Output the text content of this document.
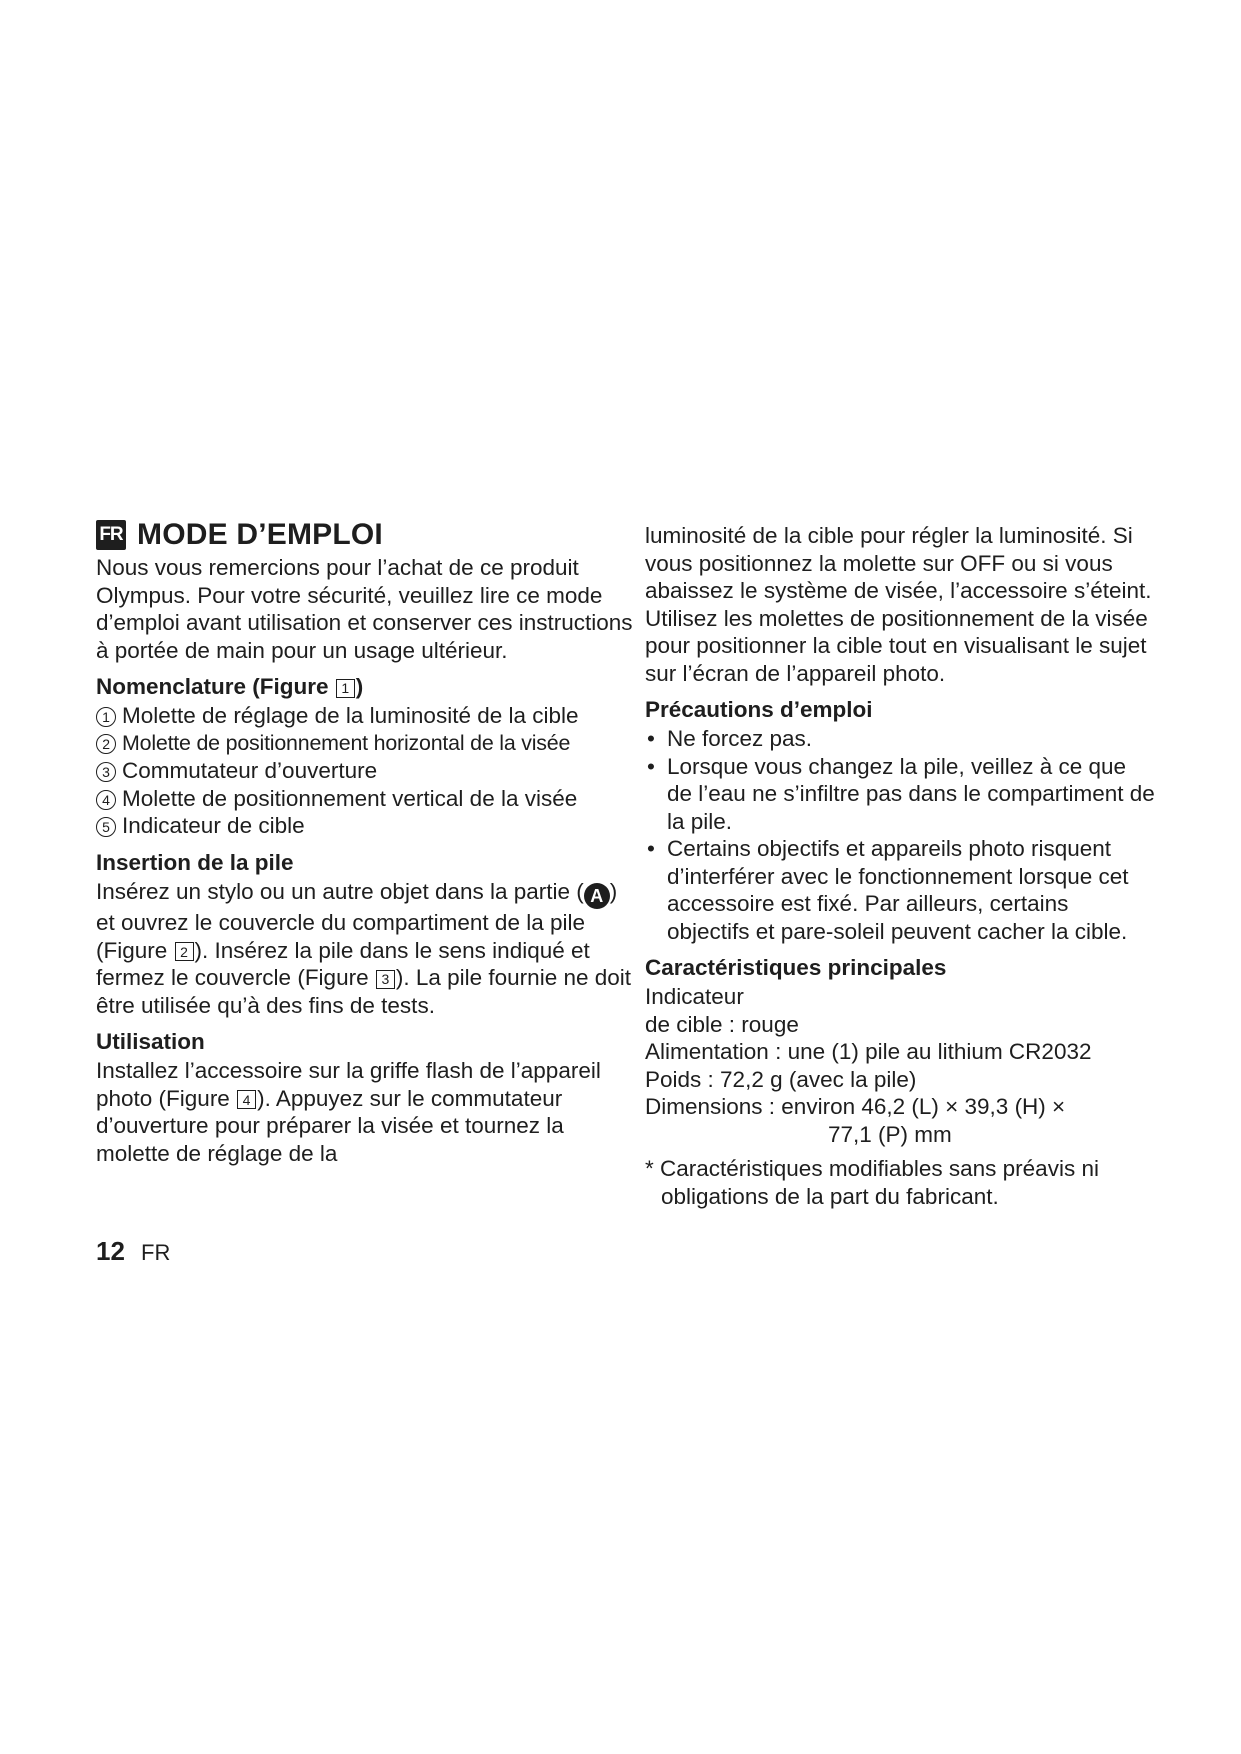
FR MODE D’EMPLOI

Nous vous remercions pour l’achat de ce produit Olympus. Pour votre sécurité, veuillez lire ce mode d’emploi avant utilisation et conserver ces instructions à portée de main pour un usage ultérieur.

Nomenclature (Figure 1 )
1 Molette de réglage de la luminosité de la cible
2 Molette de positionnement horizontal de la visée
3 Commutateur d’ouverture
4 Molette de positionnement vertical de la visée
5 Indicateur de cible
Insertion de la pile

Insérez un stylo ou un autre objet dans la partie ( A ) et ouvrez le couvercle du compartiment de la pile (Figure 2 ). Insérez la pile dans le sens indiqué et fermez le couvercle (Figure 3 ). La pile fournie ne doit être utilisée qu’à des fins de tests.

Utilisation

Installez l’accessoire sur la griffe flash de l’appareil photo (Figure 4 ). Appuyez sur le commutateur d’ouverture pour préparer la visée et tournez la molette de réglage de la

luminosité de la cible pour régler la luminosité. Si vous positionnez la molette sur OFF ou si vous abaissez le système de visée, l’accessoire s’éteint. Utilisez les molettes de positionnement de la visée pour positionner la cible tout en visualisant le sujet sur l’écran de l’appareil photo.

Précautions d’emploi
• Ne forcez pas.
• Lorsque vous changez la pile, veillez à ce que de l’eau ne s’infiltre pas dans le compartiment de la pile.
• Certains objectifs et appareils photo risquent d’interférer avec le fonctionnement lorsque cet accessoire est fixé. Par ailleurs, certains objectifs et pare-soleil peuvent cacher la cible.
Caractéristiques principales
Indicateur
de cible : rouge
Alimentation : une (1) pile au lithium CR2032
Poids : 72,2 g (avec la pile)
Dimensions : environ 46,2 (L) × 39,3 (H) ×
77,1 (P) mm

* Caractéristiques modifiables sans préavis ni obligations de la part du fabricant.

12 FR
